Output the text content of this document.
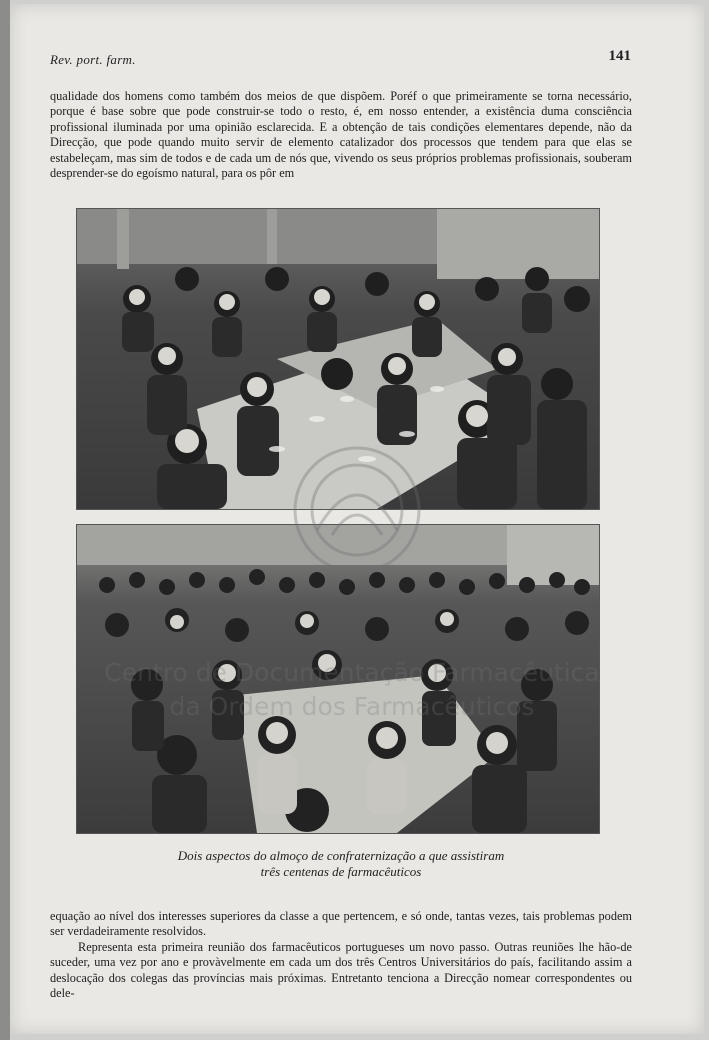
Rev. port. farm.	141

qualidade dos homens como também dos meios de que dispõem. Poréf o que primeiramente se torna necessário, porque é base sobre que pode construir-se todo o resto, é, em nosso entender, a existência duma consciência profissional iluminada por uma opinião esclarecida. E a obtenção de tais condições elementares depende, não da Direcção, que pode quando muito servir de elemento catalizador dos processos que tendem para que elas se estabeleçam, mas sim de todos e de cada um de nós que, vivendo os seus próprios problemas profissionais, souberam desprender-se do egoísmo natural, para os pôr em

Centro de Documentação Farmacêutica
da Ordem dos Farmacêuticos
Dois aspectos do almoço de confraternização a que assistiram
três centenas de farmacêuticos

equação ao nível dos interesses superiores da classe a que pertencem, e só onde, tantas vezes, tais problemas podem ser verdadeiramente resolvidos.

Representa esta primeira reunião dos farmacêuticos portugueses um novo passo. Outras reuniões lhe hão-de suceder, uma vez por ano e provàvelmente em cada um dos três Centros Universitários do país, facilitando assim a deslocação dos colegas das províncias mais próximas. Entretanto tenciona a Direcção nomear correspondentes ou dele-
